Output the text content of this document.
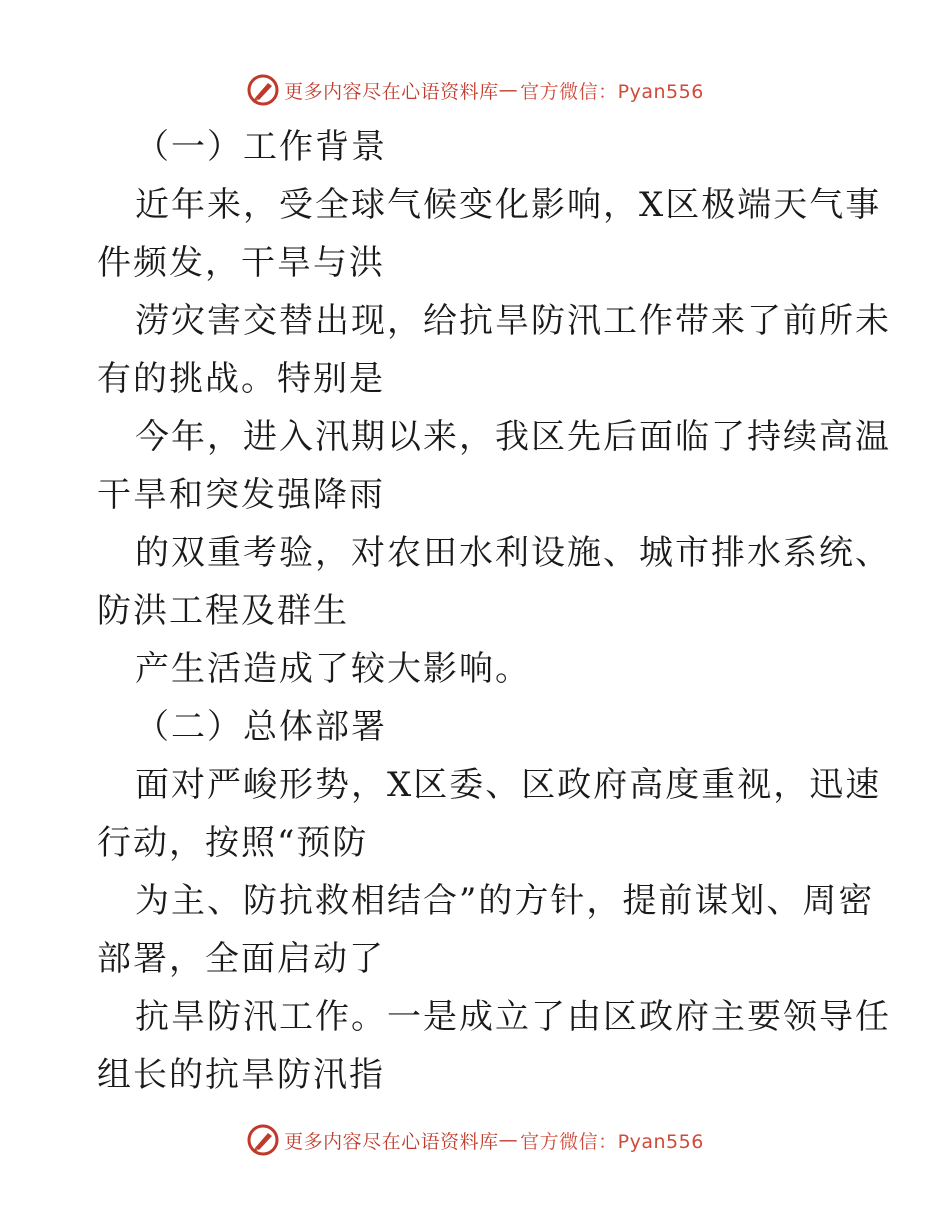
更多内容尽在心语资料库 — 官方微信：Pyan556
（一）工作背景
近年来，受全球气候变化影响，X区极端天气事
件频发，干旱与洪
涝灾害交替出现，给抗旱防汛工作带来了前所未
有的挑战。特别是
今年，进入汛期以来，我区先后面临了持续高温
干旱和突发强降雨
的双重考验，对农田水利设施、城市排水系统、
防洪工程及群生
产生活造成了较大影响。
（二）总体部署
面对严峻形势，X区委、区政府高度重视，迅速
行动，按照“预防
为主、防抗救相结合”的方针，提前谋划、周密
部署，全面启动了
抗旱防汛工作。一是成立了由区政府主要领导任
组长的抗旱防汛指
更多内容尽在心语资料库 — 官方微信：Pyan556
